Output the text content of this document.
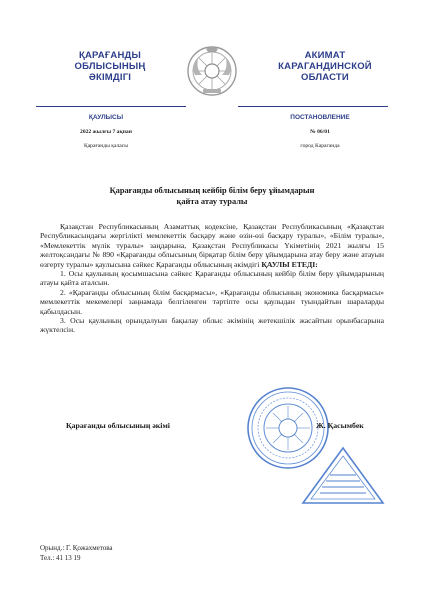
ҚАРАҒАНДЫ
ОБЛЫСЫНЫҢ
ӘКІМДІГІ
АКИМАТ
КАРАГАНДИНСКОЙ
ОБЛАСТИ
ҚАУЛЫСЫ	ПОСТАНОВЛЕНИЕ
2022 жылғы 7 ақпан	№ 06/01
Қарағанды қаласы	город Караганда
Қарағанды облысының кейбір білім беру ұйымдарын
қайта атау туралы

Қазақстан Республикасының Азаматтық кодексіне, Қазақстан Республикасының «Қазақстан Республикасындағы жергілікті мемлекеттік басқару және өзін-өзі басқару туралы», «Білім туралы», «Мемлекеттік мүлік туралы» заңдарына, Қазақстан Республикасы Үкіметінің 2021 жылғы 15 желтоқсандағы № 890 «Қарағанды облысының бірқатар білім беру ұйымдарына атау беру және атауын өзгерту туралы» қаулысына сәйкес Қарағанды облысының әкімдігі ҚАУЛЫ ЕТЕДІ:

1. Осы қаулының қосымшасына сәйкес Қарағанды облысының кейбір білім беру ұйымдарының атауы қайта аталсын.

2. «Қарағанды облысының білім басқармасы», «Қарағанды облысының экономика басқармасы» мемлекеттік мекемелері заңнамада белгіленген тәртіпте осы қаулыдан туындайтын шараларды қабылдасын.

3. Осы қаулының орындалуын бақылау облыс әкімінің жетекшілік жасайтын орынбасарына жүктелсін.

Қарағанды облысының әкімі	Ж. Қасымбек
Орынд.: Г. Қожахметова
Тел.: 41 13 19
